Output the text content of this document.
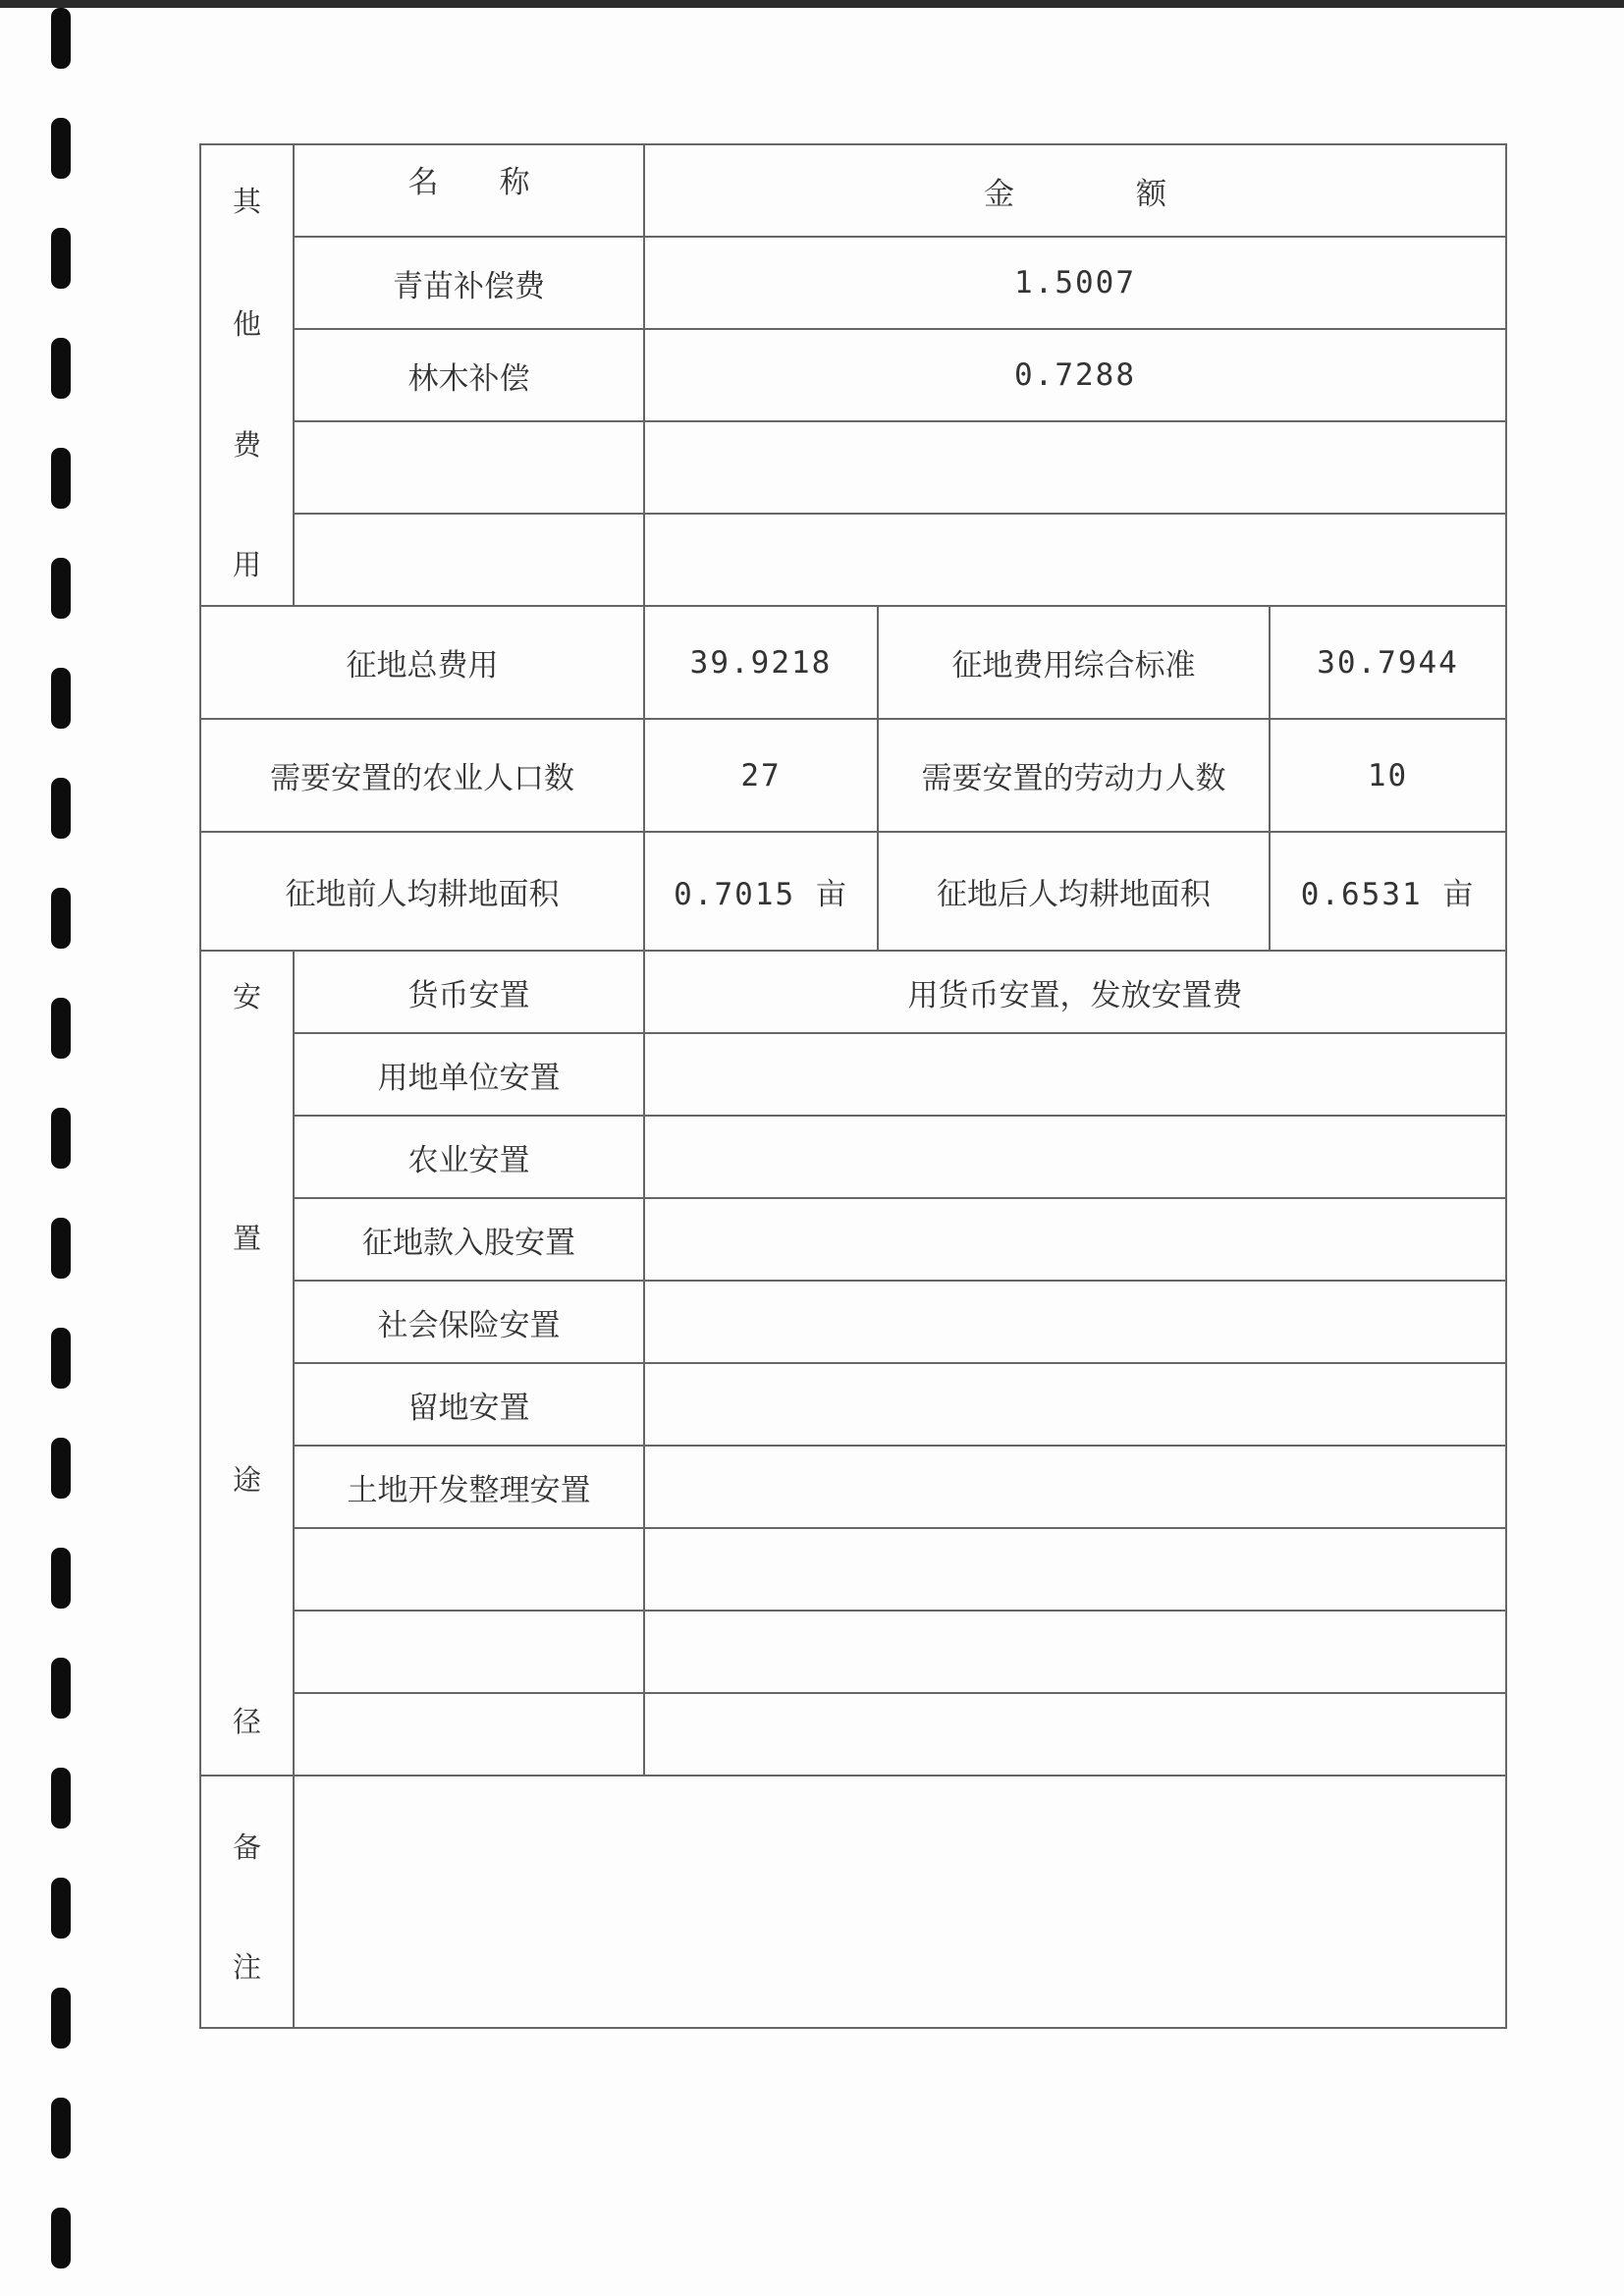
其
他
费
用	名　　称	金　　　　额		
	青苗补偿费	1.5007		
	林木补偿	0.7288		

征地总费用		39.9218	征地费用综合标准	30.7944
需要安置的农业人口数		27	需要安置的劳动力人数	10
征地前人均耕地面积		0.7015 亩	征地后人均耕地面积	0.6531 亩

安
置
途
径	货币安置	用货币安置，发放安置费		
	用地单位安置			
	农业安置			
	征地款入股安置			
	社会保险安置			
	留地安置			
	土地开发整理安置			

备
注				
